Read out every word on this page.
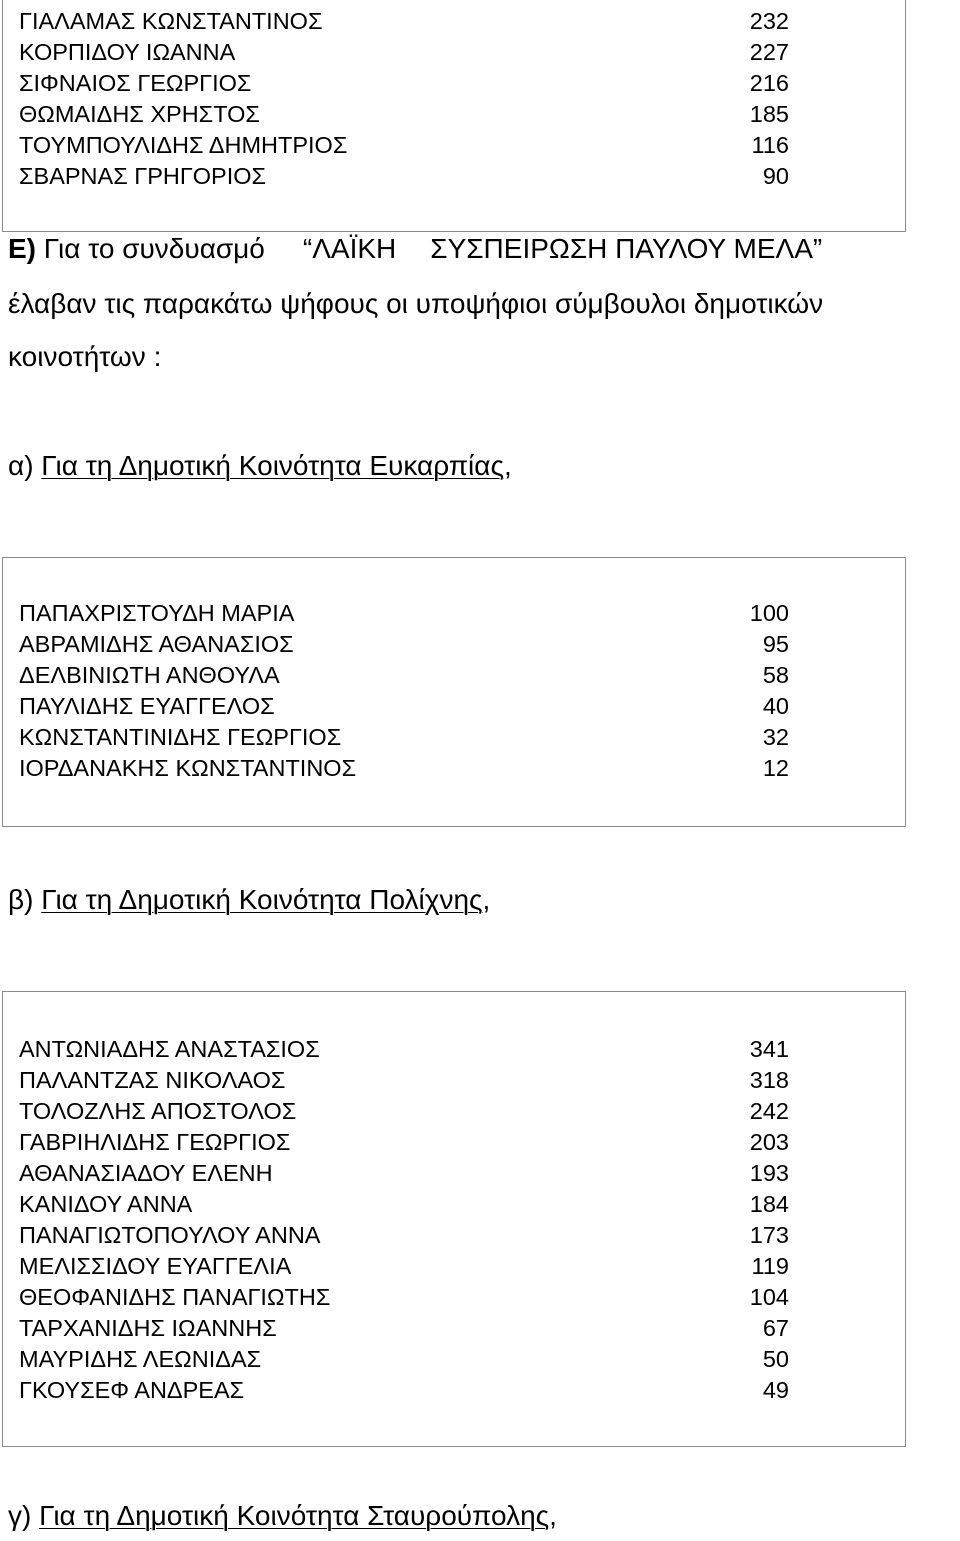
ΓΙΑΛΑΜΑΣ ΚΩΝΣΤΑΝΤΙΝΟΣ	232
ΚΟΡΠΙΔΟΥ ΙΩΑΝΝΑ	227
ΣΙΦΝΑΙΟΣ ΓΕΩΡΓΙΟΣ	216
ΘΩΜΑΙΔΗΣ ΧΡΗΣΤΟΣ	185
ΤΟΥΜΠΟΥΛΙΔΗΣ ΔΗΜΗΤΡΙΟΣ	116
ΣΒΑΡΝΑΣ ΓΡΗΓΟΡΙΟΣ	90
Ε) Για το συνδυασμό “ΛΑΪΚΗ ΣΥΣΠΕΙΡΩΣΗ ΠΑΥΛΟΥ ΜΕΛΑ”
έλαβαν τις παρακάτω ψήφους οι υποψήφιοι σύμβουλοι δημοτικών
κοινοτήτων :
α) Για τη Δημοτική Κοινότητα Ευκαρπίας,
ΠΑΠΑΧΡΙΣΤΟΥΔΗ ΜΑΡΙΑ	100
ΑΒΡΑΜΙΔΗΣ ΑΘΑΝΑΣΙΟΣ	95
ΔΕΛΒΙΝΙΩΤΗ ΑΝΘΟΥΛΑ	58
ΠΑΥΛΙΔΗΣ ΕΥΑΓΓΕΛΟΣ	40
ΚΩΝΣΤΑΝΤΙΝΙΔΗΣ ΓΕΩΡΓΙΟΣ	32
ΙΟΡΔΑΝΑΚΗΣ ΚΩΝΣΤΑΝΤΙΝΟΣ	12
β) Για τη Δημοτική Κοινότητα Πολίχνης,
ΑΝΤΩΝΙΑΔΗΣ ΑΝΑΣΤΑΣΙΟΣ	341
ΠΑΛΑΝΤΖΑΣ ΝΙΚΟΛΑΟΣ	318
ΤΟΛΟΖΛΗΣ ΑΠΟΣΤΟΛΟΣ	242
ΓΑΒΡΙΗΛΙΔΗΣ ΓΕΩΡΓΙΟΣ	203
ΑΘΑΝΑΣΙΑΔΟΥ ΕΛΕΝΗ	193
ΚΑΝΙΔΟΥ ΑΝΝΑ	184
ΠΑΝΑΓΙΩΤΟΠΟΥΛΟΥ ΑΝΝΑ	173
ΜΕΛΙΣΣΙΔΟΥ ΕΥΑΓΓΕΛΙΑ	119
ΘΕΟΦΑΝΙΔΗΣ ΠΑΝΑΓΙΩΤΗΣ	104
ΤΑΡΧΑΝΙΔΗΣ ΙΩΑΝΝΗΣ	67
ΜΑΥΡΙΔΗΣ ΛΕΩΝΙΔΑΣ	50
ΓΚΟΥΣΕΦ ΑΝΔΡΕΑΣ	49
γ) Για τη Δημοτική Κοινότητα Σταυρούπολης,
